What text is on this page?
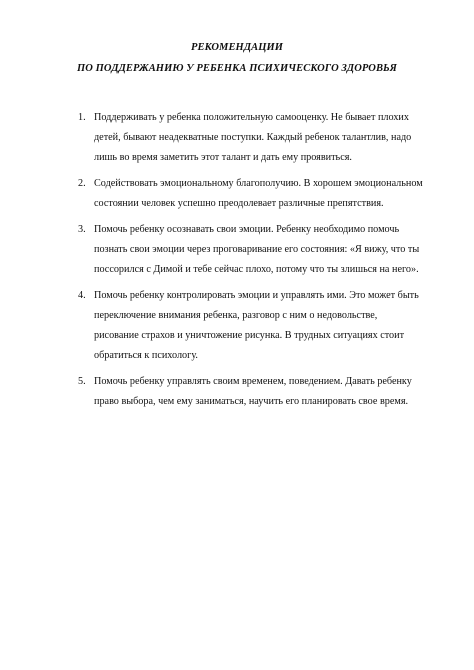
РЕКОМЕНДАЦИИ
ПО ПОДДЕРЖАНИЮ У РЕБЕНКА ПСИХИЧЕСКОГО ЗДОРОВЬЯ
1. Поддерживать у ребенка положительную самооценку. Не бывает плохих детей, бывают неадекватные поступки. Каждый ребенок талантлив, надо лишь во время заметить этот талант и дать ему проявиться.
2. Содействовать эмоциональному благополучию. В хорошем эмоциональном состоянии человек успешно преодолевает различные препятствия.
3. Помочь ребенку осознавать свои эмоции. Ребенку необходимо помочь познать свои эмоции через проговаривание его состояния: «Я вижу, что ты поссорился с Димой и тебе сейчас плохо, потому что ты злишься на него».
4. Помочь ребенку контролировать эмоции и управлять ими. Это может быть переключение внимания ребенка, разговор с ним о недовольстве, рисование страхов и уничтожение рисунка. В трудных ситуациях стоит обратиться к психологу.
5. Помочь ребенку управлять своим временем, поведением. Давать ребенку право выбора, чем ему заниматься, научить его планировать свое время.
